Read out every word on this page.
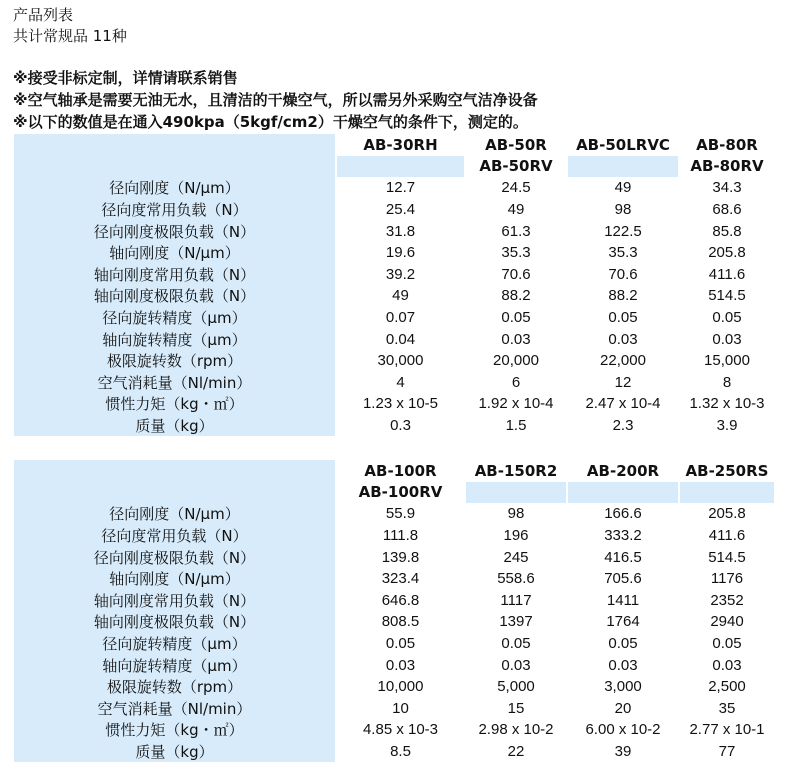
产品列表
共计常规品 11种
※接受非标定制，详情请联系销售
※空气轴承是需要无油无水，且清洁的干燥空气，所以需另外采购空气洁净设备
※以下的数值是在通入490kpa（5kgf/cm2）干燥空气的条件下，测定的。
	AB-30RH	AB-50R	AB-50LRVC	AB-80R
		AB-50RV		AB-80RV
径向刚度（N/μm）	12.7	24.5	49	34.3
径向度常用负载（N）	25.4	49	98	68.6
径向刚度极限负载（N）	31.8	61.3	122.5	85.8
轴向刚度（N/μm）	19.6	35.3	35.3	205.8
轴向刚度常用负载（N）	39.2	70.6	70.6	411.6
轴向刚度极限负载（N）	49	88.2	88.2	514.5
径向旋转精度（μm）	0.07	0.05	0.05	0.05
轴向旋转精度（μm）	0.04	0.03	0.03	0.03
极限旋转数（rpm）	30,000	20,000	22,000	15,000
空气消耗量（Nl/min）	4	6	12	8
惯性力矩（kg・㎡）	1.23 x 10-5	1.92 x 10-4	2.47 x 10-4	1.32 x 10-3
质量（kg）	0.3	1.5	2.3	3.9
	AB-100R	AB-150R2	AB-200R	AB-250RS
	AB-100RV			
径向刚度（N/μm）	55.9	98	166.6	205.8
径向度常用负载（N）	111.8	196	333.2	411.6
径向刚度极限负载（N）	139.8	245	416.5	514.5
轴向刚度（N/μm）	323.4	558.6	705.6	1176
轴向刚度常用负载（N）	646.8	1117	1411	2352
轴向刚度极限负载（N）	808.5	1397	1764	2940
径向旋转精度（μm）	0.05	0.05	0.05	0.05
轴向旋转精度（μm）	0.03	0.03	0.03	0.03
极限旋转数（rpm）	10,000	5,000	3,000	2,500
空气消耗量（Nl/min）	10	15	20	35
惯性力矩（kg・㎡）	4.85 x 10-3	2.98 x 10-2	6.00 x 10-2	2.77 x 10-1
质量（kg）	8.5	22	39	77
